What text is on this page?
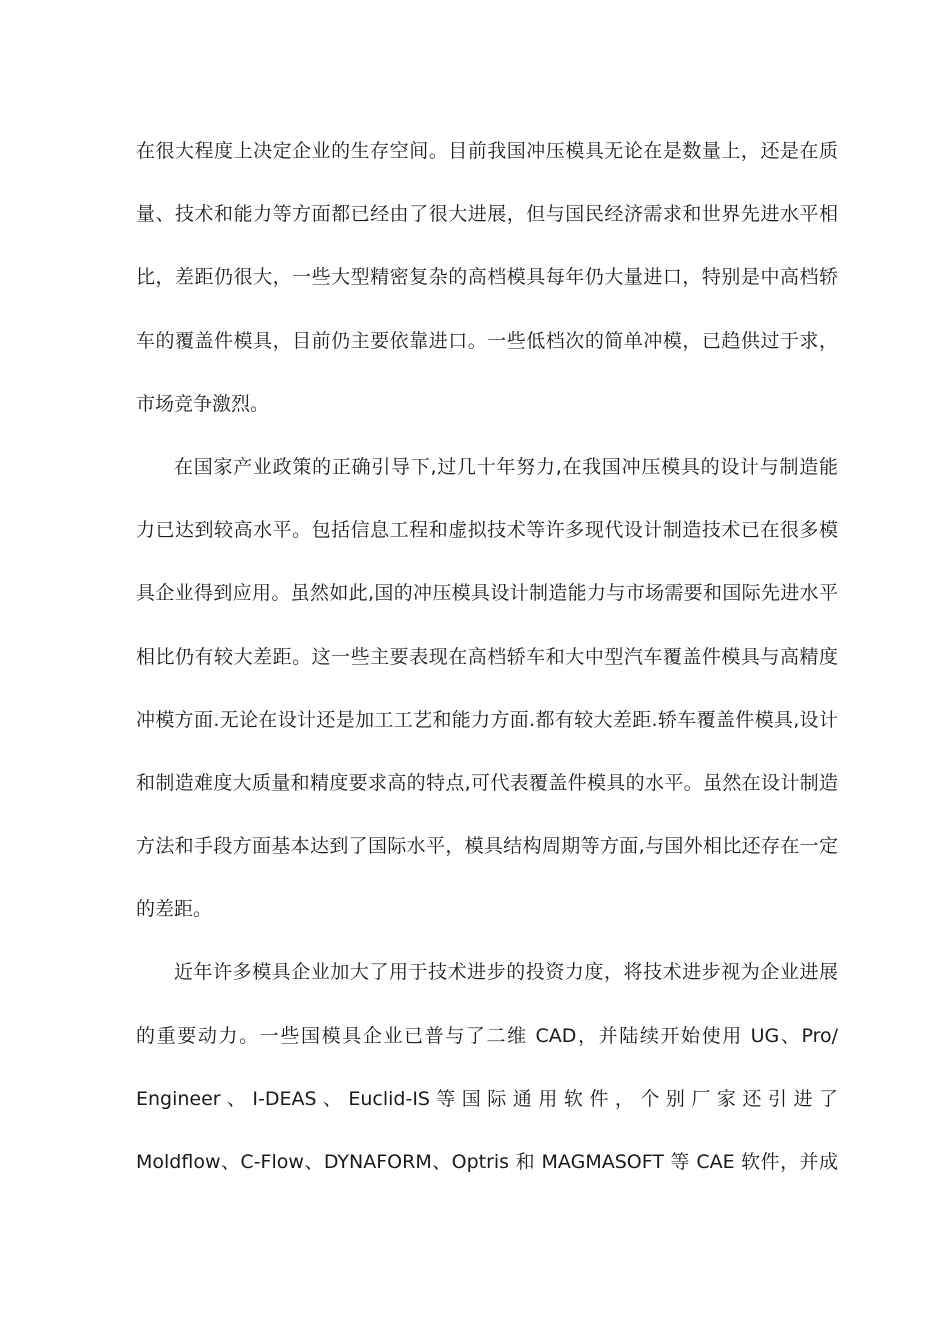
在很大程度上决定企业的生存空间。目前我国冲压模具无论在是数量上，还是在质
量、技术和能力等方面都已经由了很大进展，但与国民经济需求和世界先进水平相
比，差距仍很大，一些大型精密复杂的高档模具每年仍大量进口，特别是中高档轿
车的覆盖件模具，目前仍主要依靠进口。一些低档次的简单冲模，已趋供过于求，
市场竞争激烈。
在国家产业政策的正确引导下,过几十年努力,在我国冲压模具的设计与制造能
力已达到较高水平。包括信息工程和虚拟技术等许多现代设计制造技术已在很多模
具企业得到应用。虽然如此,国的冲压模具设计制造能力与市场需要和国际先进水平
相比仍有较大差距。这一些主要表现在高档轿车和大中型汽车覆盖件模具与高精度
冲模方面.无论在设计还是加工工艺和能力方面.都有较大差距.轿车覆盖件模具,设计
和制造难度大质量和精度要求高的特点,可代表覆盖件模具的水平。虽然在设计制造
方法和手段方面基本达到了国际水平，模具结构周期等方面,与国外相比还存在一定
的差距。
近年许多模具企业加大了用于技术进步的投资力度，将技术进步视为企业进展
的重要动力。一些国模具企业已普与了二维 CAD，并陆续开始使用 UG、Pro/
Engineer 、 I-DEAS 、 Euclid-IS 等 国 际 通 用 软 件 ， 个 别 厂 家 还 引 进 了
Moldflow、C-Flow、DYNAFORM、Optris 和 MAGMASOFT 等 CAE 软件，并成
